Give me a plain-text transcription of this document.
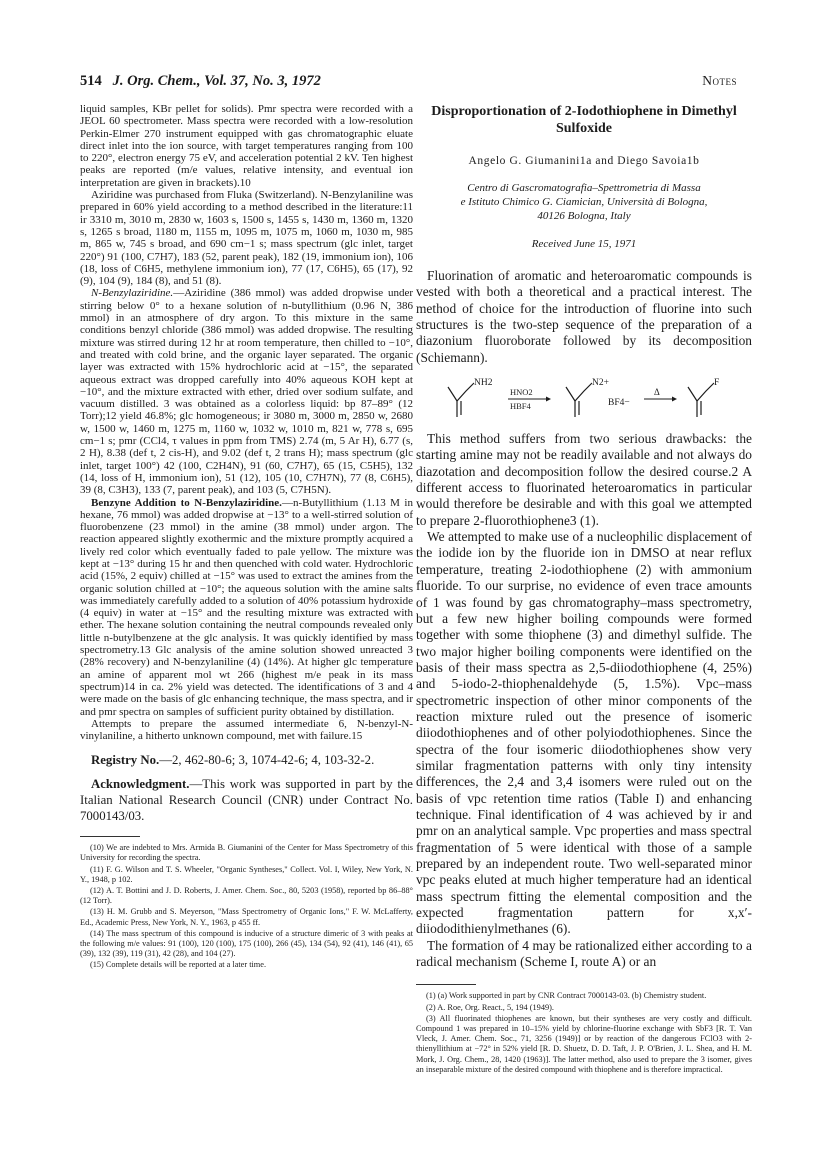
514 J. Org. Chem., Vol. 37, No. 3, 1972	Notes

liquid samples, KBr pellet for solids). Pmr spectra were recorded with a JEOL 60 spectrometer. Mass spectra were recorded with a low-resolution Perkin-Elmer 270 instrument equipped with gas chromatographic eluate direct inlet into the ion source, with target temperatures ranging from 100 to 220°, electron energy 75 eV, and acceleration potential 2 kV. Ten highest peaks are reported (m/e values, relative intensity, and eventual ion interpretation are given in brackets).10

Aziridine was purchased from Fluka (Switzerland). N-Benzylaniline was prepared in 60% yield according to a method described in the literature:11 ir 3310 m, 3010 m, 2830 w, 1603 s, 1500 s, 1455 s, 1430 m, 1360 m, 1320 s, 1265 s broad, 1180 m, 1155 m, 1095 m, 1075 m, 1060 m, 1030 m, 985 m, 865 w, 745 s broad, and 690 cm−1 s; mass spectrum (glc inlet, target 220°) 91 (100, C7H7), 183 (52, parent peak), 182 (19, immonium ion), 106 (18, loss of C6H5, methylene immonium ion), 77 (17, C6H5), 65 (17), 92 (9), 104 (9), 184 (8), and 51 (8).

N-Benzylaziridine.—Aziridine (386 mmol) was added dropwise under stirring below 0° to a hexane solution of n-butyllithium (0.96 N, 386 mmol) in an atmosphere of dry argon. To this mixture in the same conditions benzyl chloride (386 mmol) was added dropwise. The resulting mixture was stirred during 12 hr at room temperature, then chilled to −10°, and treated with cold brine, and the organic layer separated. The organic layer was extracted with 15% hydrochloric acid at −15°, the separated aqueous extract was dropped carefully into 40% aqueous KOH kept at −10°, and the mixture extracted with ether, dried over sodium sulfate, and vacuum distilled. 3 was obtained as a colorless liquid: bp 87–89° (12 Torr);12 yield 46.8%; glc homogeneous; ir 3080 m, 3000 m, 2850 w, 2680 w, 1500 w, 1460 m, 1275 m, 1160 w, 1032 w, 1010 m, 821 w, 778 s, 695 cm−1 s; pmr (CCl4, τ values in ppm from TMS) 2.74 (m, 5 Ar H), 6.77 (s, 2 H), 8.38 (def t, 2 cis-H), and 9.02 (def t, 2 trans H); mass spectrum (glc inlet, target 100°) 42 (100, C2H4N), 91 (60, C7H7), 65 (15, C5H5), 132 (14, loss of H, immonium ion), 51 (12), 105 (10, C7H7N), 77 (8, C6H5), 39 (8, C3H3), 133 (7, parent peak), and 103 (5, C7H5N).

Benzyne Addition to N-Benzylaziridine.—n-Butyllithium (1.13 M in hexane, 76 mmol) was added dropwise at −13° to a well-stirred solution of fluorobenzene (23 mmol) in the amine (38 mmol) under argon. The reaction appeared slightly exothermic and the mixture promptly acquired a lively red color which eventually faded to pale yellow. The mixture was kept at −13° during 15 hr and then quenched with cold water. Hydrochloric acid (15%, 2 equiv) chilled at −15° was used to extract the amines from the organic solution chilled at −10°; the aqueous solution with the amine salts was immediately carefully added to a solution of 40% potassium hydroxide (4 equiv) in water at −15° and the resulting mixture was extracted with ether. The hexane solution containing the neutral compounds revealed only little n-butylbenzene at the glc analysis. It was quickly identified by mass spectrometry.13 Glc analysis of the amine solution showed unreacted 3 (28% recovery) and N-benzylaniline (4) (14%). At higher glc temperature an amine of apparent mol wt 266 (highest m/e peak in its mass spectrum)14 in ca. 2% yield was detected. The identifications of 3 and 4 were made on the basis of glc enhancing technique, the mass spectra, and ir and pmr spectra on samples of sufficient purity obtained by distillation.

Attempts to prepare the assumed intermediate 6, N-benzyl-N-vinylaniline, a hitherto unknown compound, met with failure.15

Registry No.—2, 462-80-6; 3, 1074-42-6; 4, 103-32-2.

Acknowledgment.—This work was supported in part by the Italian National Research Council (CNR) under Contract No. 7000143/03.

(10) We are indebted to Mrs. Armida B. Giumanini of the Center for Mass Spectrometry of this University for recording the spectra.

(11) F. G. Wilson and T. S. Wheeler, "Organic Syntheses," Collect. Vol. I, Wiley, New York, N. Y., 1948, p 102.

(12) A. T. Bottini and J. D. Roberts, J. Amer. Chem. Soc., 80, 5203 (1958), reported bp 86–88° (12 Torr).

(13) H. M. Grubb and S. Meyerson, "Mass Spectrometry of Organic Ions," F. W. McLafferty, Ed., Academic Press, New York, N. Y., 1963, p 455 ff.

(14) The mass spectrum of this compound is inducive of a structure dimeric of 3 with peaks at the following m/e values: 91 (100), 120 (100), 175 (100), 266 (45), 134 (54), 92 (41), 146 (41), 65 (39), 132 (39), 119 (31), 42 (28), and 104 (27).

(15) Complete details will be reported at a later time.

Disproportionation of 2-Iodothiophene in Dimethyl Sulfoxide
Angelo G. Giumanini1a and Diego Savoia1b
Centro di Gascromatografia–Spettrometria di Massa
e Istituto Chimico G. Ciamician, Università di Bologna,
40126 Bologna, Italy
Received June 15, 1971

Fluorination of aromatic and heteroaromatic compounds is vested with both a theoretical and a practical interest. The method of choice for the introduction of fluorine into such structures is the two-step sequence of the preparation of a diazonium fluoroborate followed by its decomposition (Schiemann).

NH2
HNO2
HBF4
N2+
BF4−
Δ
F

This method suffers from two serious drawbacks: the starting amine may not be readily available and not always do diazotation and decomposition follow the desired course.2 A different access to fluorinated heteroaromatics in particular would therefore be desirable and with this goal we attempted to prepare 2-fluorothiophene3 (1).

We attempted to make use of a nucleophilic displacement of the iodide ion by the fluoride ion in DMSO at near reflux temperature, treating 2-iodothiophene (2) with ammonium fluoride. To our surprise, no evidence of even trace amounts of 1 was found by gas chromatography–mass spectrometry, but a few new higher boiling compounds were formed together with some thiophene (3) and dimethyl sulfide. The two major higher boiling components were identified on the basis of their mass spectra as 2,5-diiodothiophene (4, 25%) and 5-iodo-2-thiophenaldehyde (5, 1.5%). Vpc–mass spectrometric inspection of other minor components of the reaction mixture ruled out the presence of isomeric diiodothiophenes and of other polyiodothiophenes. Since the spectra of the four isomeric diiodothiophenes show very similar fragmentation patterns with only tiny intensity differences, the 2,4 and 3,4 isomers were ruled out on the basis of vpc retention time ratios (Table I) and enhancing technique. Final identification of 4 was achieved by ir and pmr on an analytical sample. Vpc properties and mass spectral fragmentation of 5 were identical with those of a sample prepared by an independent route. Two well-separated minor vpc peaks eluted at much higher temperature had an identical mass spectrum fitting the elemental composition and the expected fragmentation pattern for x,x′-diiododithienylmethanes (6).

The formation of 4 may be rationalized either according to a radical mechanism (Scheme I, route A) or an

(1) (a) Work supported in part by CNR Contract 7000143-03. (b) Chemistry student.

(2) A. Roe, Org. React., 5, 194 (1949).

(3) All fluorinated thiophenes are known, but their syntheses are very costly and difficult. Compound 1 was prepared in 10–15% yield by chlorine-fluorine exchange with SbF3 [R. T. Van Vleck, J. Amer. Chem. Soc., 71, 3256 (1949)] or by reaction of the dangerous FClO3 with 2-thienyllithium at −72° in 52% yield [R. D. Shuetz, D. D. Taft, J. P. O'Brien, J. L. Shea, and H. M. Mork, J. Org. Chem., 28, 1420 (1963)]. The latter method, also used to prepare the 3 isomer, gives an inseparable mixture of the desired compound with thiophene and is therefore impractical.
